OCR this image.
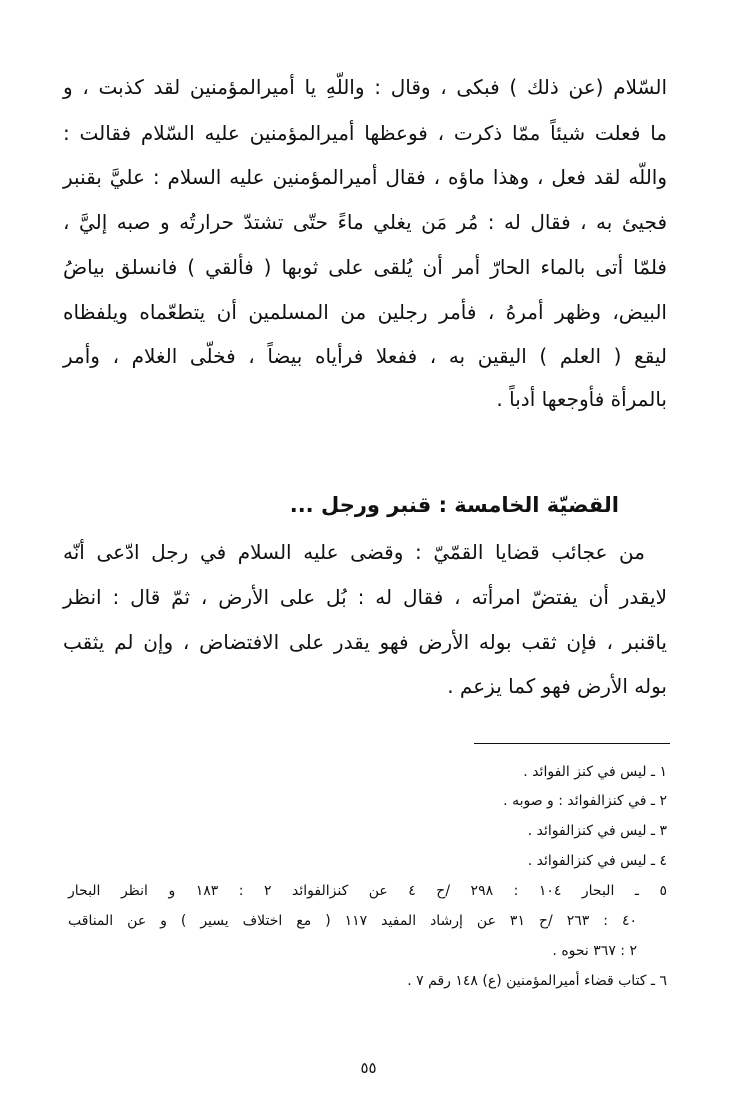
السّلام (عن ذلك ) فبكى ، وقال : واللّهِ يا أميرالمؤمنين لقد كذبت ، و
ما فعلت شيئاً ممّا ذكرت ، فوعظها أميرالمؤمنين عليه السّلام فقالت :
واللّه لقد فعل ، وهذا ماؤه ، فقال أميرالمؤمنين عليه السلام : عليَّ بقنبر
فجيئ به ، فقال له : مُر مَن يغلي ماءً حتّى تشتدّ حرارتُه و صبه إليَّ ،
فلمّا أتى بالماء الحارّ أمر أن يُلقى على ثوبها ( فألقي ) فانسلق بياضُ
البيض، وظهر أمرهُ ، فأمر رجلين من المسلمين أن يتطعّماه ويلفظاه
ليقع ( العلم ) اليقين به ، ففعلا فرأياه بيضاً ، فخلّى الغلام ، وأمر
بالمرأة فأوجعها أدباً .
القضيّة الخامسة : قنبر ورجل ...
من عجائب قضايا القمّيّ : وقضى عليه السلام في رجل ادّعى أنّه
لايقدر أن يفتضّ امرأته ، فقال له : بُل على الأرض ، ثمّ قال : انظر
ياقنبر ، فإن ثقب بوله الأرض فهو يقدر على الافتضاض ، وإن لم يثقب
بوله الأرض فهو كما يزعم .
١ ـ ليس في كنز الفوائد .
٢ ـ في كنزالفوائد : و صوبه .
٣ ـ ليس في كنزالفوائد .
٤ ـ ليس في كنزالفوائد .
٥ ـ البحار ١٠٤ : ٢٩٨ /ح ٤ عن كنزالفوائد ٢ : ١٨٣ و انظر البحار
٤٠ : ٢٦٣ /ح ٣١ عن إرشاد المفيد ١١٧ ( مع اختلاف يسير ) و عن المناقب
٢ : ٣٦٧ نحوه .
٦ ـ كتاب قضاء أميرالمؤمنين (ع) ١٤٨ رقم ٧ .
٥٥
